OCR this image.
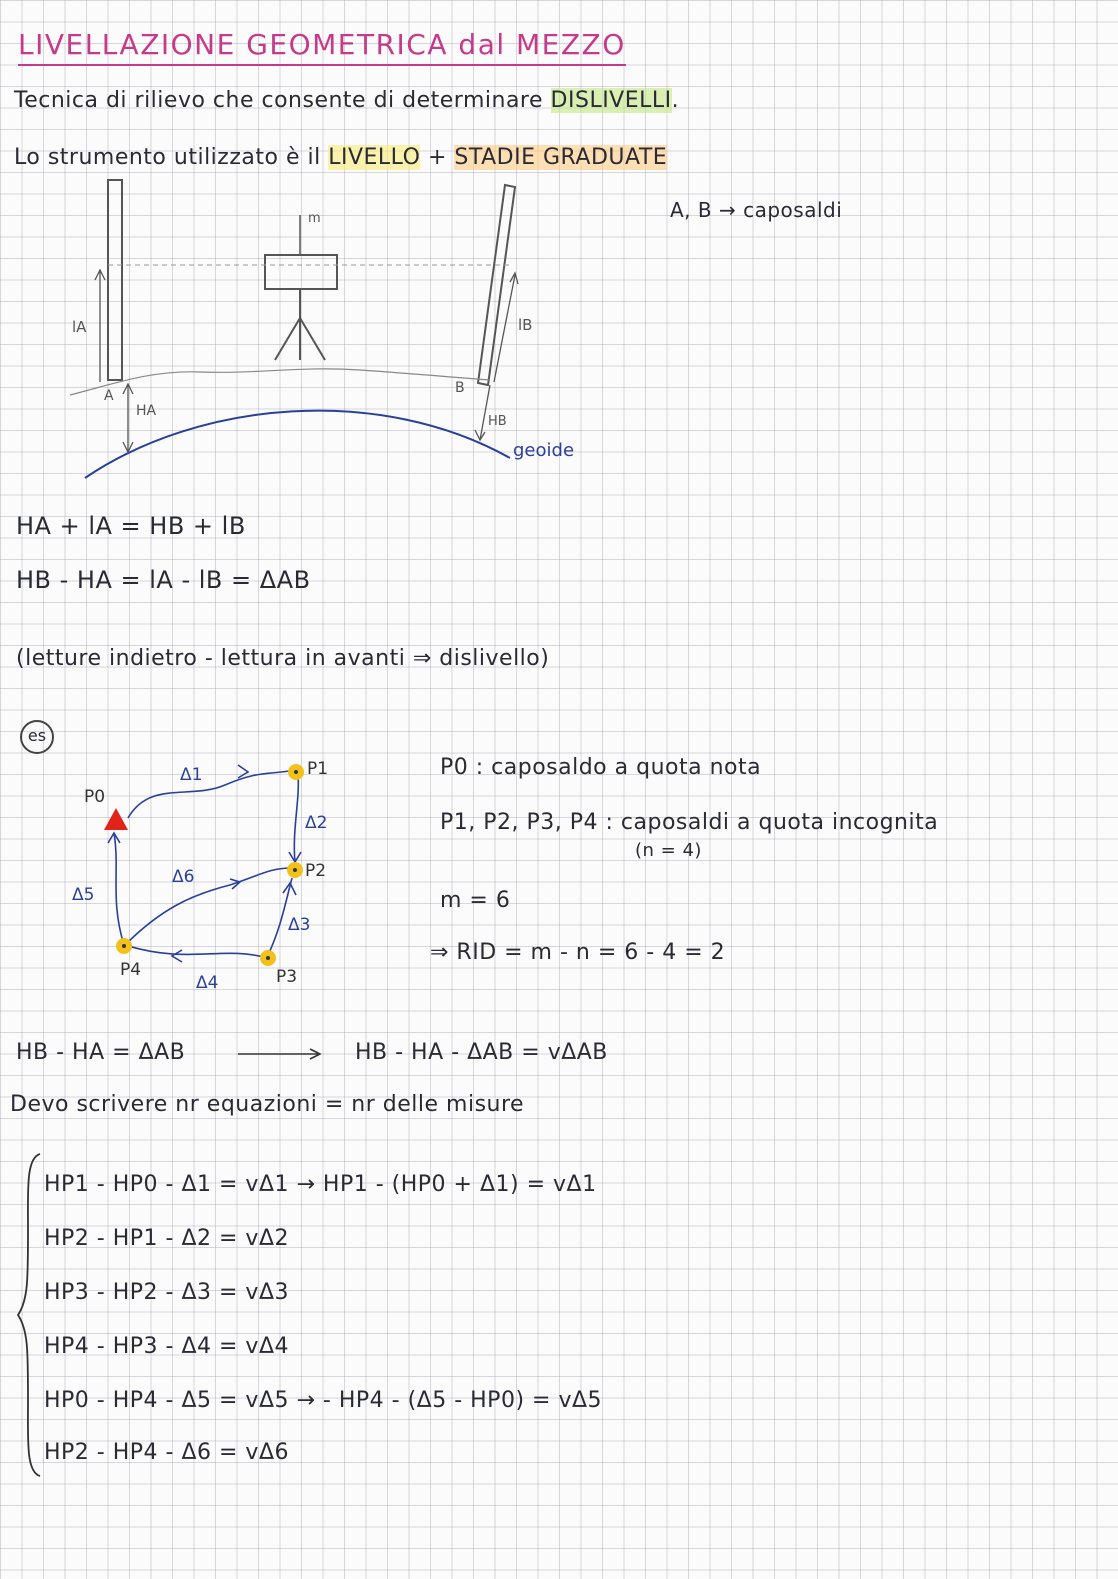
LIVELLAZIONE GEOMETRICA dal MEZZO
Tecnica di rilievo che consente di determinare DISLIVELLI.
Lo strumento utilizzato è il LIVELLO + STADIE GRADUATE
m
lA
HA
A
lB
HB
B
geoide
A, B → caposaldi
HA + lA = HB + lB
HB - HA = lA - lB = ΔAB
(letture indietro - lettura in avanti ⇒ dislivello)
es
P0
P1
P2
P3
P4
Δ1
Δ2
Δ3
Δ4
Δ5
Δ6
P0 : caposaldo a quota nota
P1, P2, P3, P4 : caposaldi a quota incognita
(n = 4)
m = 6
⇒ RID = m - n = 6 - 4 = 2
HB - HA = ΔAB	HB - HA - ΔAB = vΔAB
Devo scrivere nr equazioni = nr delle misure
HP1 - HP0 - Δ1 = vΔ1 → HP1 - (HP0 + Δ1) = vΔ1
HP2 - HP1 - Δ2 = vΔ2
HP3 - HP2 - Δ3 = vΔ3
HP4 - HP3 - Δ4 = vΔ4
HP0 - HP4 - Δ5 = vΔ5 → - HP4 - (Δ5 - HP0) = vΔ5
HP2 - HP4 - Δ6 = vΔ6
